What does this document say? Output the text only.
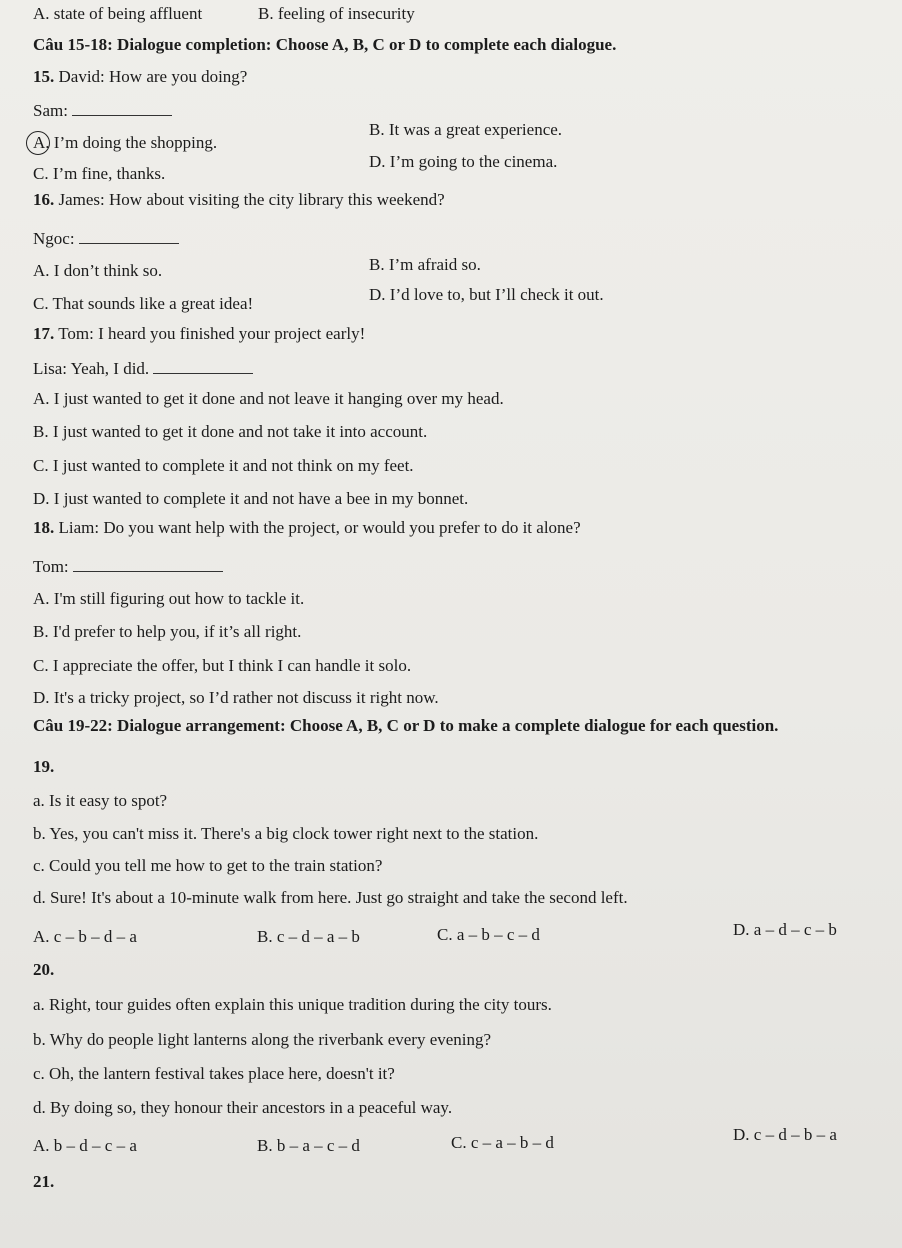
A. state of being affluent	B. feeling of insecurity
Câu 15-18: Dialogue completion: Choose A, B, C or D to complete each dialogue.
15. David: How are you doing?
Sam:
A. I’m doing the shopping.
B. It was a great experience.
C. I’m fine, thanks.
D. I’m going to the cinema.
16. James: How about visiting the city library this weekend?
Ngoc:
A. I don’t think so.	B. I’m afraid so.
C. That sounds like a great idea!	D. I’d love to, but I’ll check it out.
17. Tom: I heard you finished your project early!
Lisa: Yeah, I did.
A. I just wanted to get it done and not leave it hanging over my head.
B. I just wanted to get it done and not take it into account.
C. I just wanted to complete it and not think on my feet.
D. I just wanted to complete it and not have a bee in my bonnet.
18. Liam: Do you want help with the project, or would you prefer to do it alone?
Tom:
A. I'm still figuring out how to tackle it.
B. I'd prefer to help you, if it’s all right.
C. I appreciate the offer, but I think I can handle it solo.
D. It's a tricky project, so I’d rather not discuss it right now.
Câu 19-22: Dialogue arrangement: Choose A, B, C or D to make a complete dialogue for each question.
19.
a. Is it easy to spot?
b. Yes, you can't miss it. There's a big clock tower right next to the station.
c. Could you tell me how to get to the train station?
d. Sure! It's about a 10-minute walk from here. Just go straight and take the second left.
A. c – b – d – a	B. c – d – a – b	C. a – b – c – d	D. a – d – c – b
20.
a. Right, tour guides often explain this unique tradition during the city tours.
b. Why do people light lanterns along the riverbank every evening?
c. Oh, the lantern festival takes place here, doesn't it?
d. By doing so, they honour their ancestors in a peaceful way.
A. b – d – c – a	B. b – a – c – d	C. c – a – b – d	D. c – d – b – a
21.
